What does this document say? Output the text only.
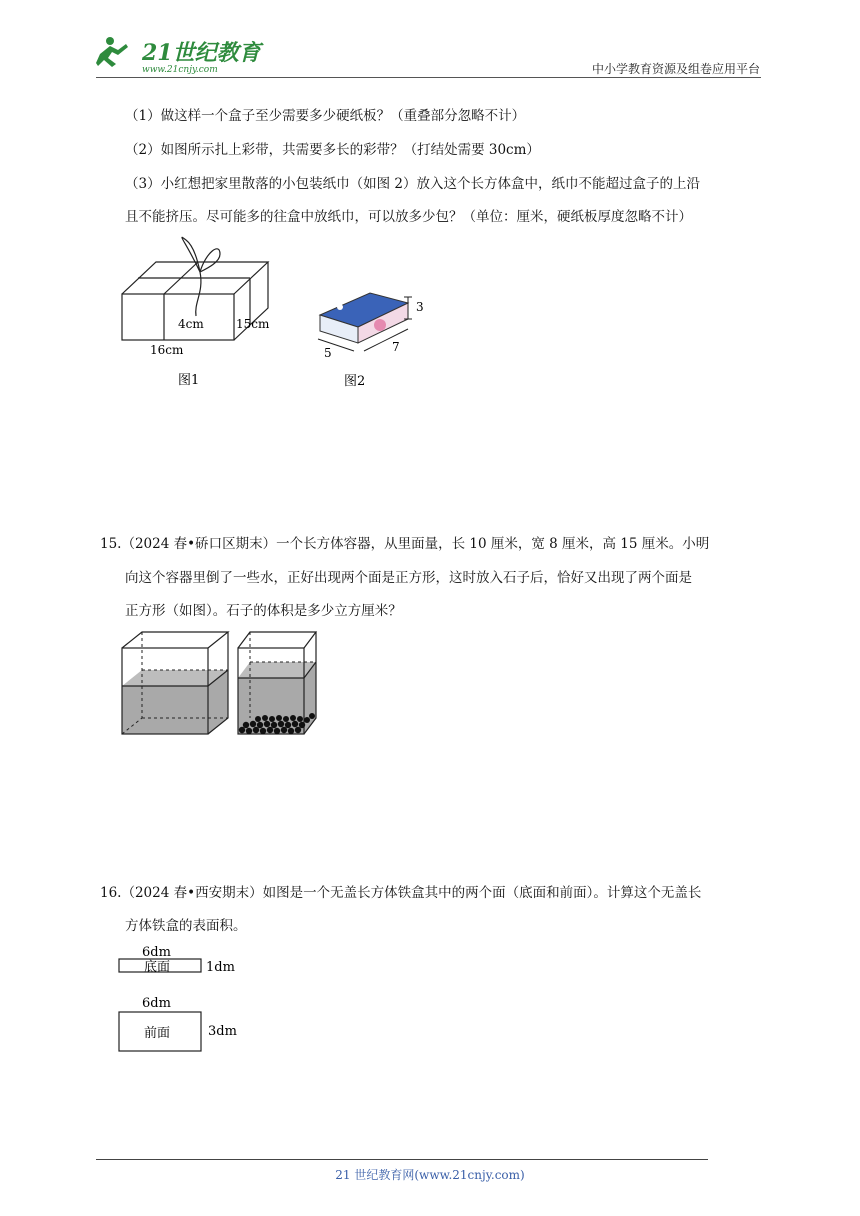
21世纪教育
www.21cnjy.com	中小学教育资源及组卷应用平台
（1）做这样一个盒子至少需要多少硬纸板？（重叠部分忽略不计）
（2）如图所示扎上彩带，共需要多长的彩带？（打结处需要 30cm）
（3）小红想把家里散落的小包装纸巾（如图 2）放入这个长方体盒中，纸巾不能超过盒子的上沿
且不能挤压。尽可能多的往盒中放纸巾，可以放多少包？（单位：厘米，硬纸板厚度忽略不计）
4cm	15cm
16cm
图1
3
5	7
图2
15.（2024 春•硚口区期末）一个长方体容器，从里面量，长 10 厘米，宽 8 厘米，高 15 厘米。小明
向这个容器里倒了一些水，正好出现两个面是正方形，这时放入石子后，恰好又出现了两个面是
正方形（如图）。石子的体积是多少立方厘米？
16.（2024 春•西安期末）如图是一个无盖长方体铁盒其中的两个面（底面和前面）。计算这个无盖长
方体铁盒的表面积。
6dm
底面	1dm
6dm
前面	3dm
21 世纪教育网(www.21cnjy.com)
